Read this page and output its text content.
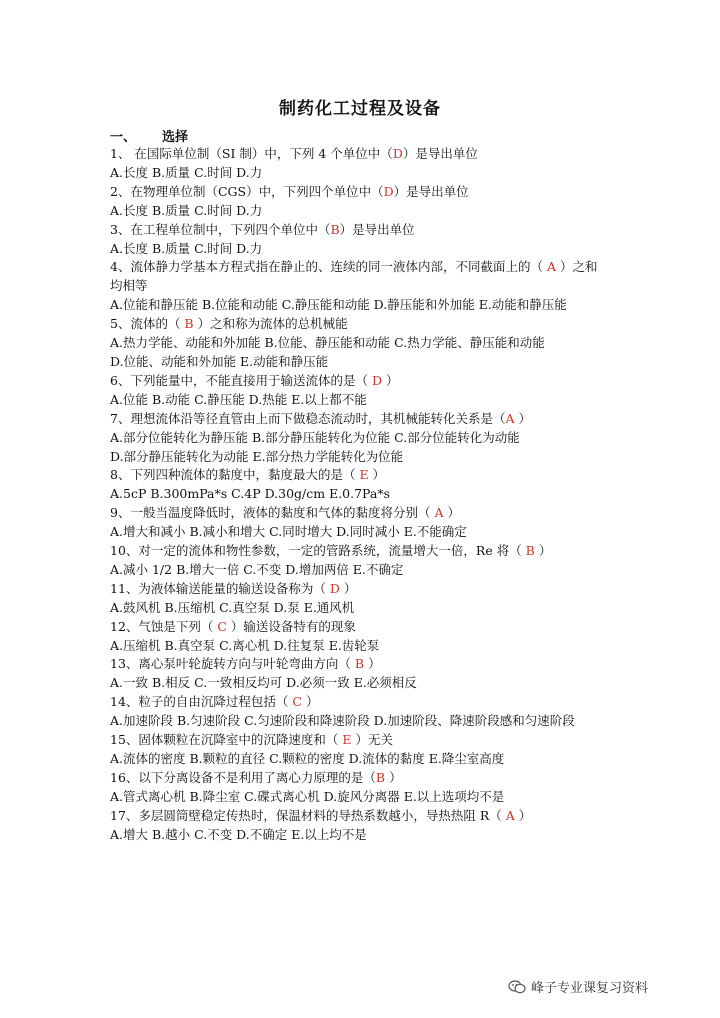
制药化工过程及设备
一、 选择
1、 在国际单位制（SI 制）中，下列 4 个单位中（D）是导出单位
A.长度 B.质量 C.时间 D.力
2、在物理单位制（CGS）中，下列四个单位中（D）是导出单位
A.长度 B.质量 C.时间 D.力
3、在工程单位制中，下列四个单位中（B）是导出单位
A.长度 B.质量 C.时间 D.力
4、流体静力学基本方程式指在静止的、连续的同一液体内部，不同截面上的（ A ）之和
均相等
A.位能和静压能 B.位能和动能 C.静压能和动能 D.静压能和外加能 E.动能和静压能
5、流体的（ B ）之和称为流体的总机械能
A.热力学能、动能和外加能 B.位能、静压能和动能 C.热力学能、静压能和动能
D.位能、动能和外加能 E.动能和静压能
6、下列能量中，不能直接用于输送流体的是（ D ）
A.位能 B.动能 C.静压能 D.热能 E.以上都不能
7、理想流体沿等径直管由上而下做稳态流动时，其机械能转化关系是（A ）
A.部分位能转化为静压能 B.部分静压能转化为位能 C.部分位能转化为动能
D.部分静压能转化为动能 E.部分热力学能转化为位能
8、下列四种流体的黏度中，黏度最大的是（ E ）
A.5cP B.300mPa*s C.4P D.30g/cm E.0.7Pa*s
9、一般当温度降低时，液体的黏度和气体的黏度将分别（ A ）
A.增大和减小 B.减小和增大 C.同时增大 D.同时减小 E.不能确定
10、对一定的流体和物性参数，一定的管路系统，流量增大一倍，Re 将（ B ）
A.减小 1/2 B.增大一倍 C.不变 D.增加两倍 E.不确定
11、为液体输送能量的输送设备称为（ D ）
A.鼓风机 B.压缩机 C.真空泵 D.泵 E.通风机
12、气蚀是下列（ C ）输送设备特有的现象
A.压缩机 B.真空泵 C.离心机 D.往复泵 E.齿轮泵
13、离心泵叶轮旋转方向与叶轮弯曲方向（ B ）
A.一致 B.相反 C.一致相反均可 D.必须一致 E.必须相反
14、粒子的自由沉降过程包括（ C ）
A.加速阶段 B.匀速阶段 C.匀速阶段和降速阶段 D.加速阶段、降速阶段感和匀速阶段
15、固体颗粒在沉降室中的沉降速度和（ E ）无关
A.流体的密度 B.颗粒的直径 C.颗粒的密度 D.流体的黏度 E.降尘室高度
16、以下分离设备不是利用了离心力原理的是（B ）
A.管式离心机 B.降尘室 C.碟式离心机 D.旋风分离器 E.以上选项均不是
17、多层圆筒壁稳定传热时，保温材料的导热系数越小，导热热阻 R（ A ）
A.增大 B.越小 C.不变 D.不确定 E.以上均不是
峰子专业课复习资料
